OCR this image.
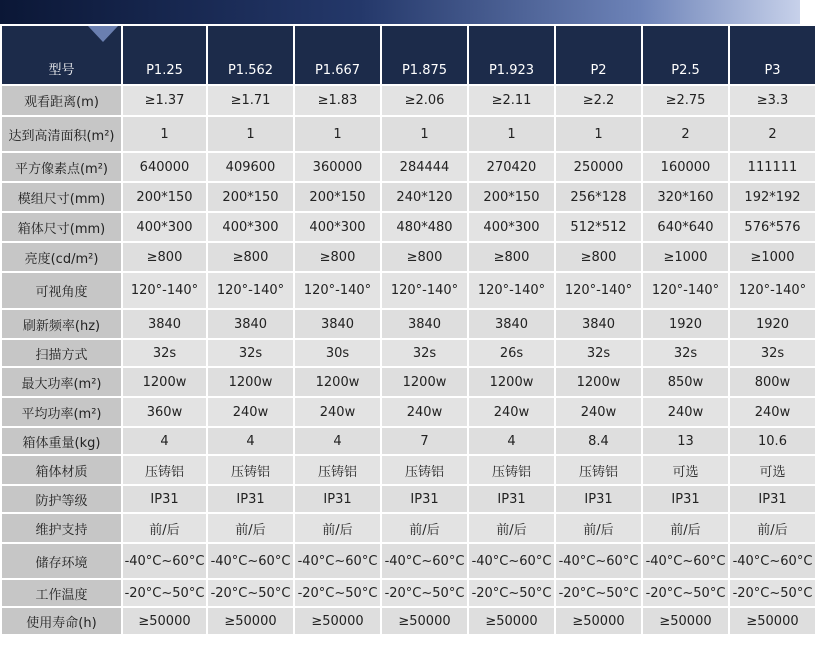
型号	P1.25	P1.562	P1.667	P1.875	P1.923	P2	P2.5	P3
观看距离(m)	≥1.37	≥1.71	≥1.83	≥2.06	≥2.11	≥2.2	≥2.75	≥3.3
达到高清面积(m²)	1	1	1	1	1	1	2	2
平方像素点(m²)	640000	409600	360000	284444	270420	250000	160000	111111
模组尺寸(mm)	200*150	200*150	200*150	240*120	200*150	256*128	320*160	192*192
箱体尺寸(mm)	400*300	400*300	400*300	480*480	400*300	512*512	640*640	576*576
亮度(cd/m²)	≥800	≥800	≥800	≥800	≥800	≥800	≥1000	≥1000
可视角度	120°-140°	120°-140°	120°-140°	120°-140°	120°-140°	120°-140°	120°-140°	120°-140°
刷新频率(hz)	3840	3840	3840	3840	3840	3840	1920	1920
扫描方式	32s	32s	30s	32s	26s	32s	32s	32s
最大功率(m²)	1200w	1200w	1200w	1200w	1200w	1200w	850w	800w
平均功率(m²)	360w	240w	240w	240w	240w	240w	240w	240w
箱体重量(kg)	4	4	4	7	4	8.4	13	10.6
箱体材质	压铸铝	压铸铝	压铸铝	压铸铝	压铸铝	压铸铝	可选	可选
防护等级	IP31	IP31	IP31	IP31	IP31	IP31	IP31	IP31
维护支持	前/后	前/后	前/后	前/后	前/后	前/后	前/后	前/后
储存环境	-40°C~60°C	-40°C~60°C	-40°C~60°C	-40°C~60°C	-40°C~60°C	-40°C~60°C	-40°C~60°C	-40°C~60°C
工作温度	-20°C~50°C	-20°C~50°C	-20°C~50°C	-20°C~50°C	-20°C~50°C	-20°C~50°C	-20°C~50°C	-20°C~50°C
使用寿命(h)	≥50000	≥50000	≥50000	≥50000	≥50000	≥50000	≥50000	≥50000
